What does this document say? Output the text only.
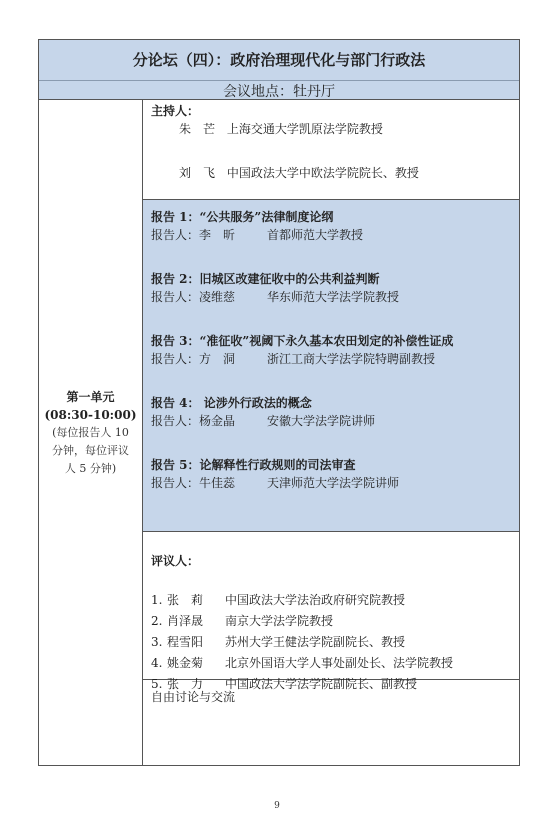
分论坛（四）：政府治理现代化与部门行政法
会议地点：牡丹厅
第一单元
(08:30-10:00)
(每位报告人 10
分钟，每位评议
人 5 分钟)
主持人：
朱　芒 上海交通大学凯原法学院教授
刘　飞 中国政法大学中欧法学院院长、教授
报告 1：“公共服务”法律制度论纲
报告人：李　昕	首都师范大学教授
报告 2：旧城区改建征收中的公共利益判断
报告人：凌维慈	华东师范大学法学院教授
报告 3：“准征收”视阈下永久基本农田划定的补偿性证成
报告人：方　洞	浙江工商大学法学院特聘副教授
报告 4： 论涉外行政法的概念
报告人：杨金晶	安徽大学法学院讲师
报告 5：论解释性行政规则的司法审查
报告人：牛佳蕊	天津师范大学法学院讲师
评议人：
1. 张　莉 中国政法大学法治政府研究院教授
2. 肖泽晟 南京大学法学院教授
3. 程雪阳 苏州大学王健法学院副院长、教授
4. 姚金菊 北京外国语大学人事处副处长、法学院教授
5. 张　力 中国政法大学法学院副院长、副教授
自由讨论与交流
9
